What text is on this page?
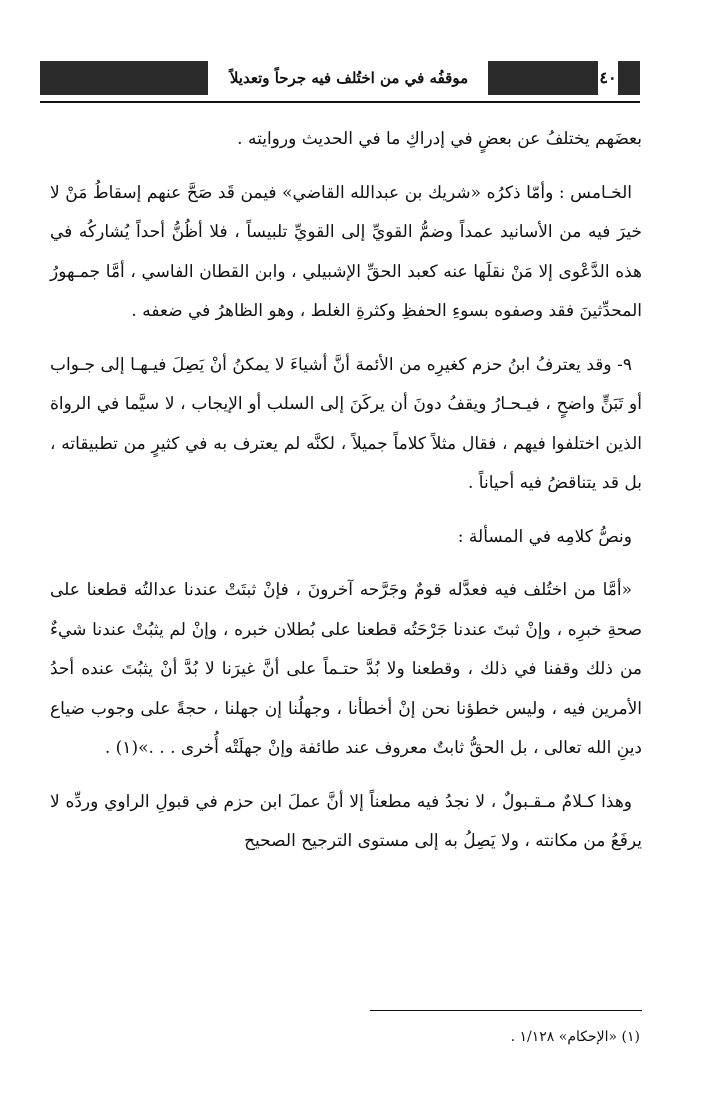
موقفُه في من اختُلف فيه جرحاً وتعديلاً	٤٠

بعضَهم يختلفُ عن بعضٍ في إدراكِ ما في الحديث وروايته .

الخـامس : وأمّا ذكرُه «شريك بن عبدالله القاضي» فيمن قَد صَحَّ عنهم إسقاطُ مَنْ لا خيرَ فيه من الأسانيد عمداً وضمُّ القويِّ إلى القويِّ تلبيساً ، فلا أظُنُّ أحداً يُشاركُه في هذه الدَّعْوى إلا مَنْ نقلَها عنه كعبد الحقِّ الإشبيلي ، وابن القطان الفاسي ، أمَّا جمـهورُ المحدِّثينَ فقد وصفوه بسوءِ الحفظِ وكثرةِ الغلط ، وهو الظاهرُ في ضعفه .

٩- وقد يعترفُ ابنُ حزم كغيرِه من الأئمة أنَّ أشياءَ لا يمكنُ أنْ يَصِلَ فيـهـا إلى جـواب أو تَبَنٍّ واضحٍ ، فيـحـارُ ويقفُ دونَ أن يركَنَ إلى السلب أو الإيجاب ، لا سيَّما في الرواة الذين اختلفوا فيهم ، فقال مثلاً كلاماً جميلاً ، لكنَّه لم يعترف به في كثيرٍ من تطبيقاته ، بل قد يتناقضُ فيه أحياناً .

ونصُّ كلامِه في المسألة :

«أمَّا من اختُلف فيه فعدَّله قومٌ وجَرَّحه آخرونَ ، فإنْ ثبتَتْ عندنا عدالتُه قطعنا على صحةِ خبرِه ، وإنْ ثبتَ عندنا جَرْحَتُه قطعنا على بُطلان خبره ، وإنْ لم يثبُتْ عندنا شيءٌ من ذلك وقفنا في ذلك ، وقطعنا ولا بُدَّ حتـماً على أنَّ غيرَنا لا بُدَّ أنْ يثبُتَ عنده أحدُ الأمرين فيه ، وليس خطؤنا نحن إنْ أخطأنا ، وجهلُنا إن جهلنا ، حجةً على وجوب ضياع دينِ الله تعالى ، بل الحقُّ ثابتٌ معروف عند طائفة وإنْ جهلَتْه أُخرى . . .»(١) .

وهذا كـلامٌ مـقـبولٌ ، لا نجدُ فيه مطعناً إلا أنَّ عملَ ابن حزم في قبولِ الراوي وردِّه لا يرفَعُ من مكانته ، ولا يَصِلُ به إلى مستوى الترجيح الصحيح

(١) «الإحكام» ١/١٢٨ .
